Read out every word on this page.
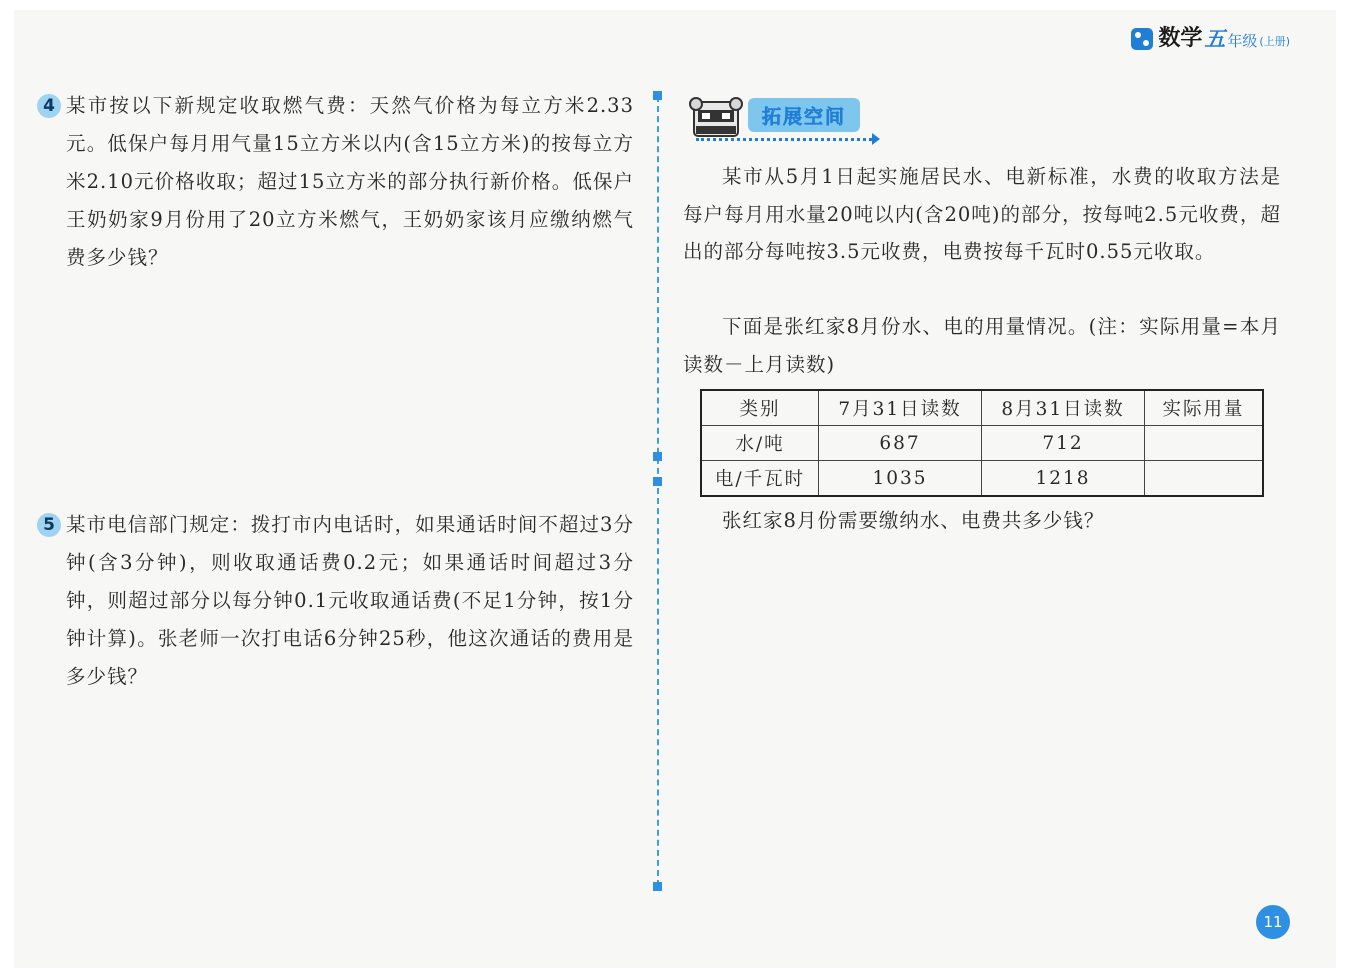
数学 五 年级 (上册)
4 某市按以下新规定收取燃气费：天然气价格为每立方米2.33元。低保户每月用气量15立方米以内(含15立方米)的按每立方米2.10元价格收取；超过15立方米的部分执行新价格。低保户王奶奶家9月份用了20立方米燃气，王奶奶家该月应缴纳燃气费多少钱？
5 某市电信部门规定：拨打市内电话时，如果通话时间不超过3分钟(含3分钟)，则收取通话费0.2元；如果通话时间超过3分钟，则超过部分以每分钟0.1元收取通话费(不足1分钟，按1分钟计算)。张老师一次打电话6分钟25秒，他这次通话的费用是多少钱？
拓展空间
某市从5月1日起实施居民水、电新标准，水费的收取方法是每户每月用水量20吨以内(含20吨)的部分，按每吨2.5元收费，超出的部分每吨按3.5元收费，电费按每千瓦时0.55元收取。
下面是张红家8月份水、电的用量情况。(注：实际用量=本月读数－上月读数)
类别	7月31日读数	8月31日读数	实际用量
水/吨	687	712	
电/千瓦时	1035	1218	
张红家8月份需要缴纳水、电费共多少钱？
11
